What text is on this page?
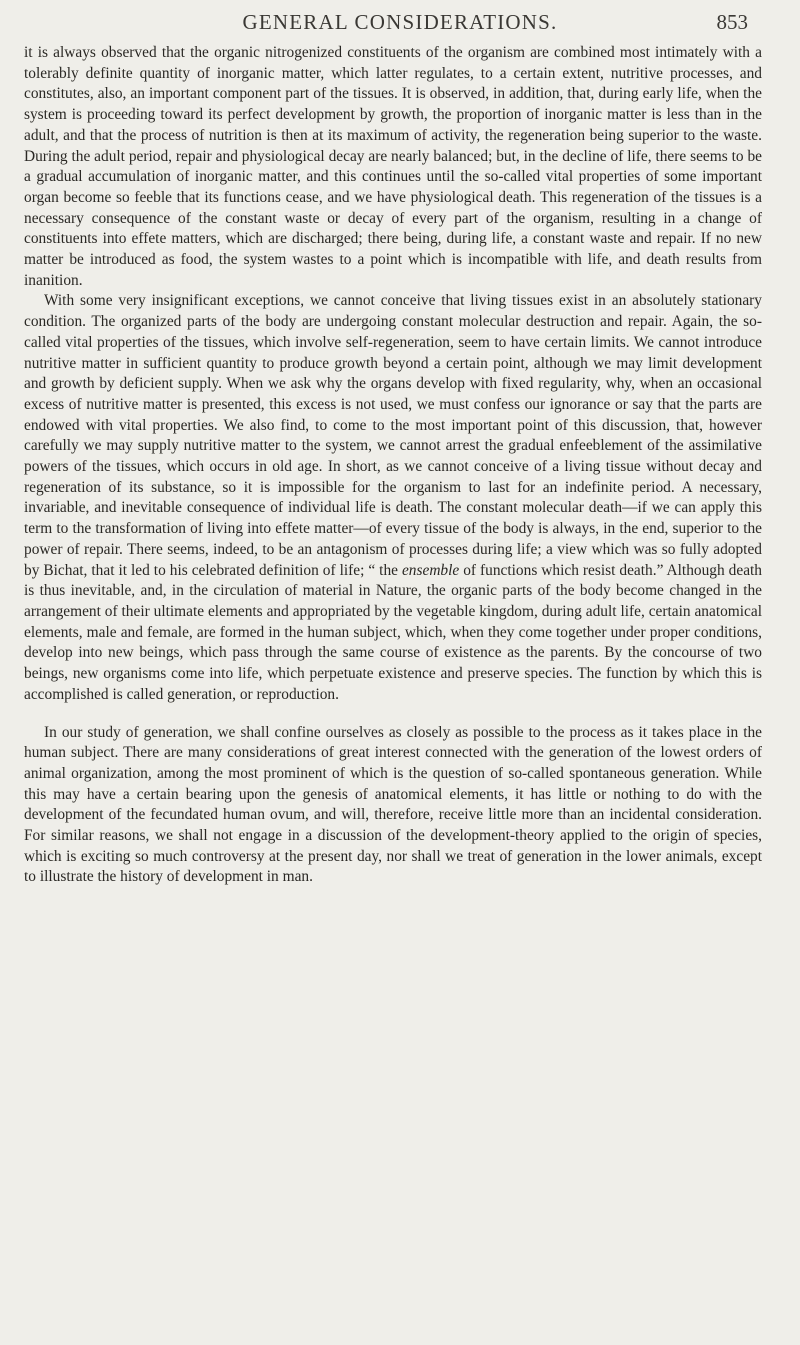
GENERAL CONSIDERATIONS.	853

it is always observed that the organic nitrogenized constituents of the organism are combined most intimately with a tolerably definite quantity of inorganic matter, which latter regulates, to a certain extent, nutritive processes, and constitutes, also, an important component part of the tissues. It is observed, in addition, that, during early life, when the system is proceeding toward its perfect development by growth, the proportion of inorganic matter is less than in the adult, and that the process of nutrition is then at its maximum of activity, the regeneration being superior to the waste. During the adult period, repair and physiological decay are nearly balanced; but, in the decline of life, there seems to be a gradual accumulation of inorganic matter, and this continues until the so-called vital properties of some important organ become so feeble that its functions cease, and we have physiological death. This regeneration of the tissues is a necessary consequence of the constant waste or decay of every part of the organism, resulting in a change of constituents into effete matters, which are discharged; there being, during life, a constant waste and repair. If no new matter be introduced as food, the system wastes to a point which is incompatible with life, and death results from inanition.

With some very insignificant exceptions, we cannot conceive that living tissues exist in an absolutely stationary condition. The organized parts of the body are undergoing constant molecular destruction and repair. Again, the so-called vital properties of the tissues, which involve self-regeneration, seem to have certain limits. We cannot introduce nutritive matter in sufficient quantity to produce growth beyond a certain point, although we may limit development and growth by deficient supply. When we ask why the organs develop with fixed regularity, why, when an occasional excess of nutritive matter is presented, this excess is not used, we must confess our ignorance or say that the parts are endowed with vital properties. We also find, to come to the most important point of this discussion, that, however carefully we may supply nutritive matter to the system, we cannot arrest the gradual enfeeblement of the assimilative powers of the tissues, which occurs in old age. In short, as we cannot conceive of a living tissue without decay and regeneration of its substance, so it is impossible for the organism to last for an indefinite period. A necessary, invariable, and inevitable consequence of individual life is death. The constant molecular death—if we can apply this term to the transformation of living into effete matter—of every tissue of the body is always, in the end, superior to the power of repair. There seems, indeed, to be an antagonism of processes during life; a view which was so fully adopted by Bichat, that it led to his celebrated definition of life; “ the ensemble of functions which resist death.” Although death is thus inevitable, and, in the circulation of material in Nature, the organic parts of the body become changed in the arrangement of their ultimate elements and appropriated by the vegetable kingdom, during adult life, certain anatomical elements, male and female, are formed in the human subject, which, when they come together under proper conditions, develop into new beings, which pass through the same course of existence as the parents. By the concourse of two beings, new organisms come into life, which perpetuate existence and preserve species. The function by which this is accomplished is called generation, or reproduction.

In our study of generation, we shall confine ourselves as closely as possible to the process as it takes place in the human subject. There are many considerations of great interest connected with the generation of the lowest orders of animal organization, among the most prominent of which is the question of so-called spontaneous generation. While this may have a certain bearing upon the genesis of anatomical elements, it has little or nothing to do with the development of the fecundated human ovum, and will, therefore, receive little more than an incidental consideration. For similar reasons, we shall not engage in a discussion of the development-theory applied to the origin of species, which is exciting so much controversy at the present day, nor shall we treat of generation in the lower animals, except to illustrate the history of development in man.
